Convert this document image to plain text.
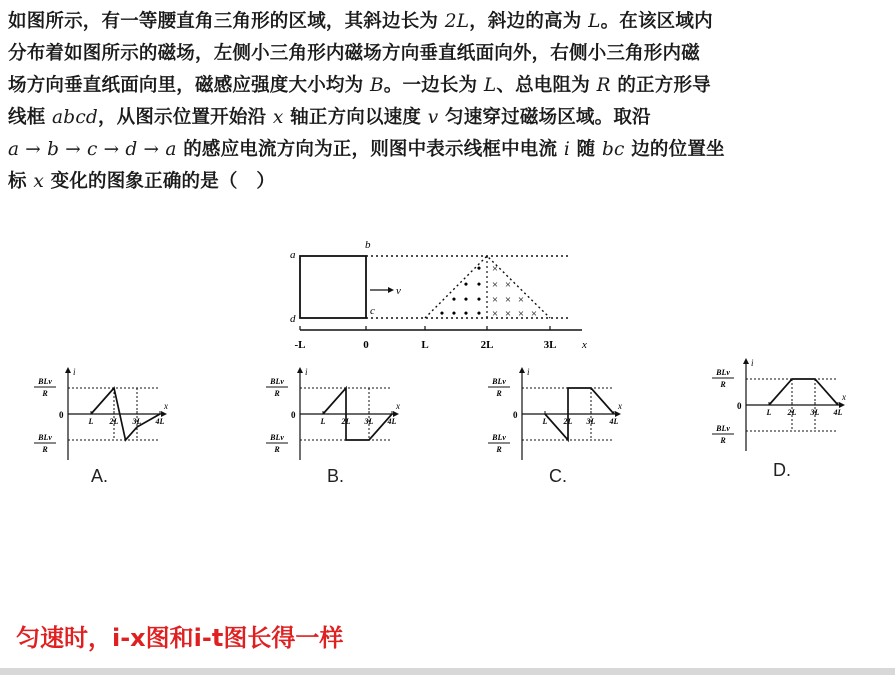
如图所示，有一等腰直角三角形的区域，其斜边长为 2L，斜边的高为 L。在该区域内
分布着如图所示的磁场，左侧小三角形内磁场方向垂直纸面向外，右侧小三角形内磁
场方向垂直纸面向里，磁感应强度大小均为 B。一边长为 L、总电阻为 R 的正方形导
线框 abcd，从图示位置开始沿 x 轴正方向以速度 v 匀速穿过磁场区域。取沿
a → b → c → d → a 的感应电流方向为正，则图中表示线框中电流 i 随 bc 边的位置坐
标 x 变化的图象正确的是（　）
a
b
c
d
v
•
• •
• • •
• • • •
×
× ×
× × ×
× × × ×
-L	0	L	2L	3L x
i
x
0
BLv
R
BLv
R
L 2L 3L 4L
A.
i
x
0
BLv
R
BLv
R
L 2L 3L 4L
B.
i
x
0
BLv
R
BLv
R
L 2L 3L 4L
C.
i
x
0
BLv
R
BLv
R
L 2L 3L 4L
D.
匀速时，i-x图和i-t图长得一样
